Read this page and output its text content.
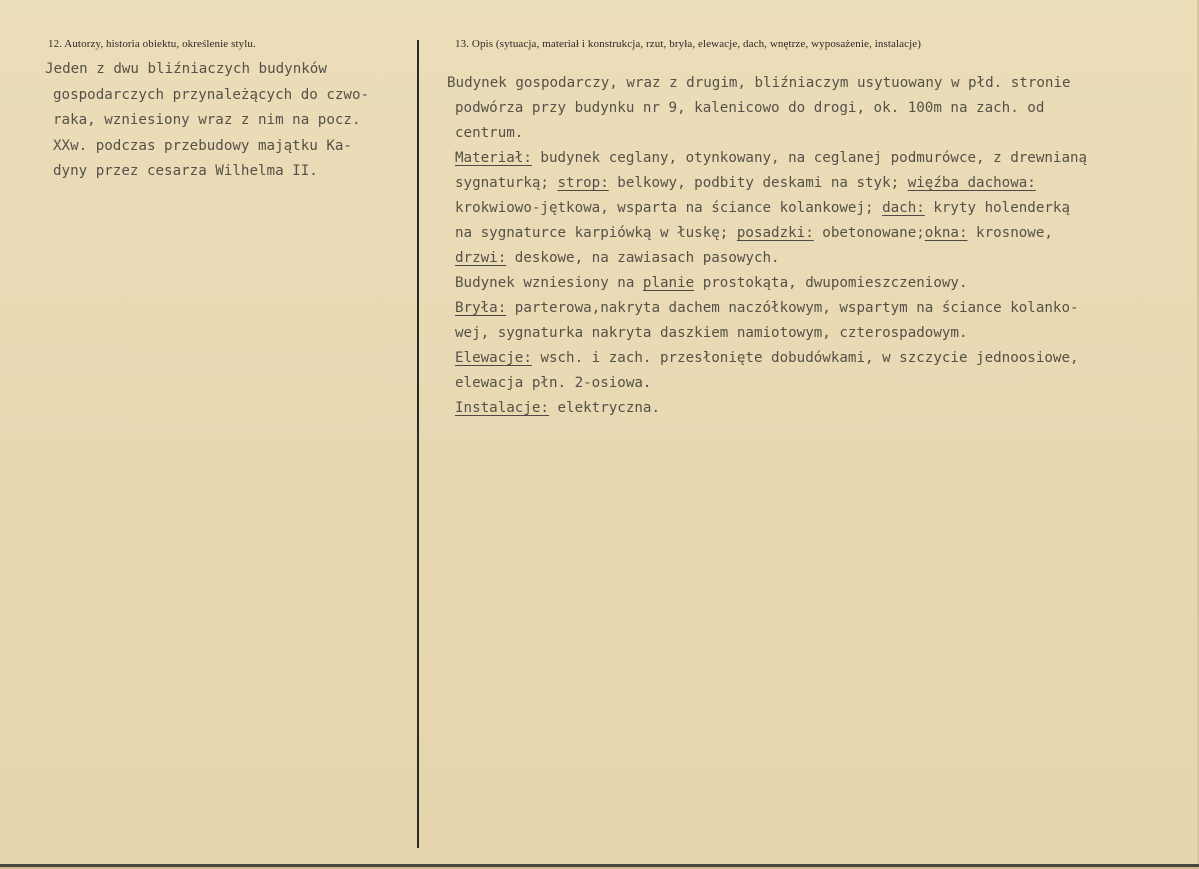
12. Autorzy, historia obiektu, określenie stylu.	13. Opis (sytuacja, materiał i konstrukcja, rzut, bryła, elewacje, dach, wnętrze, wyposażenie, instalacje)
Jeden z dwu bliźniaczych budynków
gospodarczych przynależących do czwo-
raka, wzniesiony wraz z nim na pocz.
XXw. podczas przebudowy majątku Ka-
dyny przez cesarza Wilhelma II.
Budynek gospodarczy, wraz z drugim, bliźniaczym usytuowany w płd. stronie
podwórza przy budynku nr 9, kalenicowo do drogi, ok. 100m na zach. od
centrum.
Materiał: budynek ceglany, otynkowany, na ceglanej podmurówce, z drewnianą
sygnaturką; strop: belkowy, podbity deskami na styk; więźba dachowa:
krokwiowo-jętkowa, wsparta na ściance kolankowej; dach: kryty holenderką
na sygnaturce karpiówką w łuskę; posadzki: obetonowane;okna: krosnowe,
drzwi: deskowe, na zawiasach pasowych.
Budynek wzniesiony na planie prostokąta, dwupomieszczeniowy.
Bryła: parterowa,nakryta dachem naczółkowym, wspartym na ściance kolanko-
wej, sygnaturka nakryta daszkiem namiotowym, czterospadowym.
Elewacje: wsch. i zach. przesłonięte dobudówkami, w szczycie jednoosiowe,
elewacja płn. 2-osiowa.
Instalacje: elektryczna.
